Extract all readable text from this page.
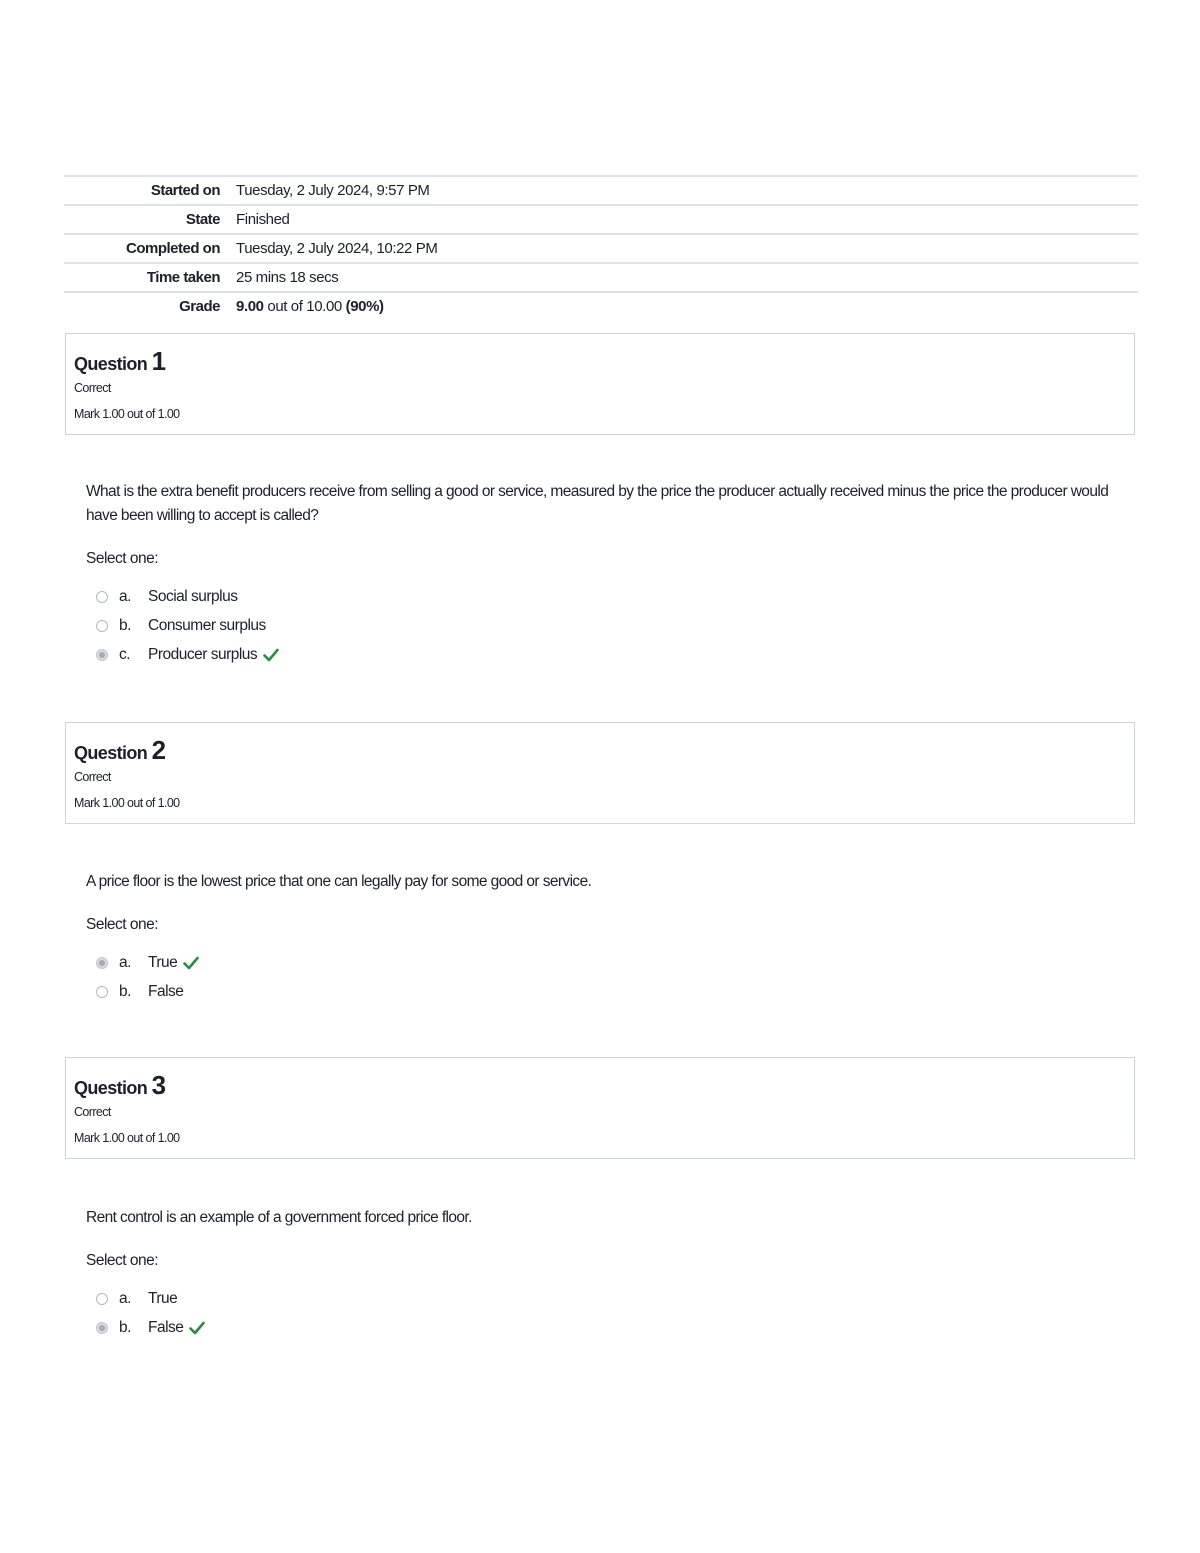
Started on	Tuesday, 2 July 2024, 9:57 PM
State	Finished
Completed on	Tuesday, 2 July 2024, 10:22 PM
Time taken	25 mins 18 secs
Grade	9.00 out of 10.00 (90%)
Question 1
Correct
Mark 1.00 out of 1.00
What is the extra benefit producers receive from selling a good or service, measured by the price the producer actually received minus the price the producer would have been willing to accept is called?
Select one:
a.	Social surplus
b.	Consumer surplus
c.	Producer surplus
Question 2
Correct
Mark 1.00 out of 1.00
A price floor is the lowest price that one can legally pay for some good or service.
Select one:
a.	True
b.	False
Question 3
Correct
Mark 1.00 out of 1.00
Rent control is an example of a government forced price floor.
Select one:
a.	True
b.	False
